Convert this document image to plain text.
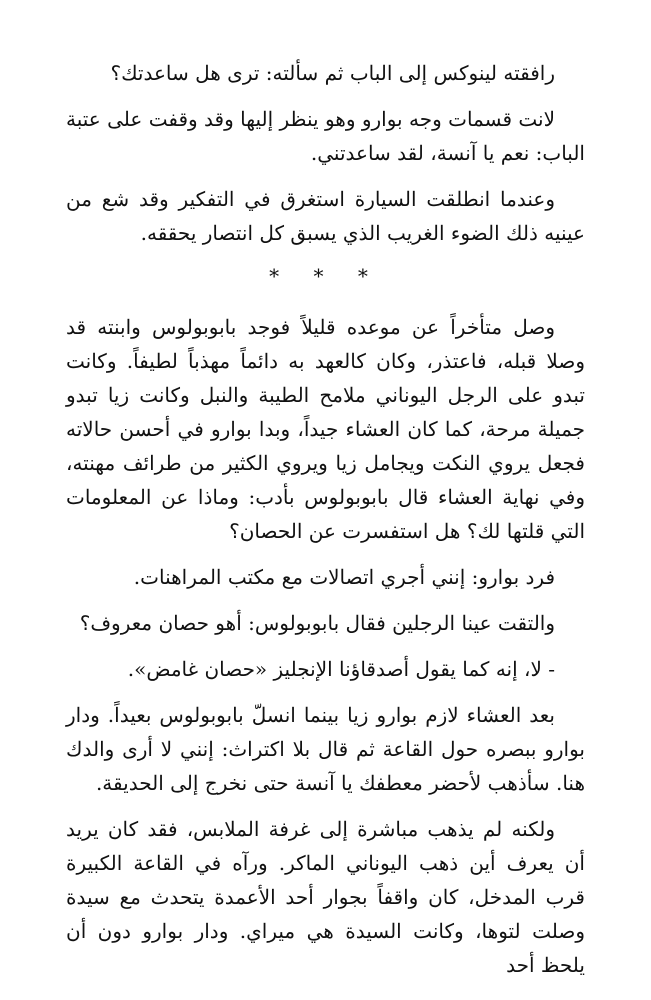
رافقته لينوكس إلى الباب ثم سألته: ترى هل ساعدتك؟

لانت قسمات وجه بوارو وهو ينظر إليها وقد وقفت على عتبة الباب: نعم يا آنسة، لقد ساعدتني.

وعندما انطلقت السيارة استغرق في التفكير وقد شع من عينيه ذلك الضوء الغريب الذي يسبق كل انتصار يحققه.

* * *

وصل متأخراً عن موعده قليلاً فوجد بابوبولوس وابنته قد وصلا قبله، فاعتذر، وكان كالعهد به دائماً مهذباً لطيفاً. وكانت تبدو على الرجل اليوناني ملامح الطيبة والنبل وكانت زيا تبدو جميلة مرحة، كما كان العشاء جيداً، وبدا بوارو في أحسن حالاته فجعل يروي النكت ويجامل زيا ويروي الكثير من طرائف مهنته، وفي نهاية العشاء قال بابوبولوس بأدب: وماذا عن المعلومات التي قلتها لك؟ هل استفسرت عن الحصان؟

فرد بوارو: إنني أجري اتصالات مع مكتب المراهنات.

والتقت عينا الرجلين فقال بابوبولوس: أهو حصان معروف؟

- لا، إنه كما يقول أصدقاؤنا الإنجليز «حصان غامض».

بعد العشاء لازم بوارو زيا بينما انسلّ بابوبولوس بعيداً. ودار بوارو ببصره حول القاعة ثم قال بلا اكتراث: إنني لا أرى والدك هنا. سأذهب لأحضر معطفك يا آنسة حتى نخرج إلى الحديقة.

ولكنه لم يذهب مباشرة إلى غرفة الملابس، فقد كان يريد أن يعرف أين ذهب اليوناني الماكر. ورآه في القاعة الكبيرة قرب المدخل، كان واقفاً بجوار أحد الأعمدة يتحدث مع سيدة وصلت لتوها، وكانت السيدة هي ميراي. ودار بوارو دون أن يلحظ أحد
